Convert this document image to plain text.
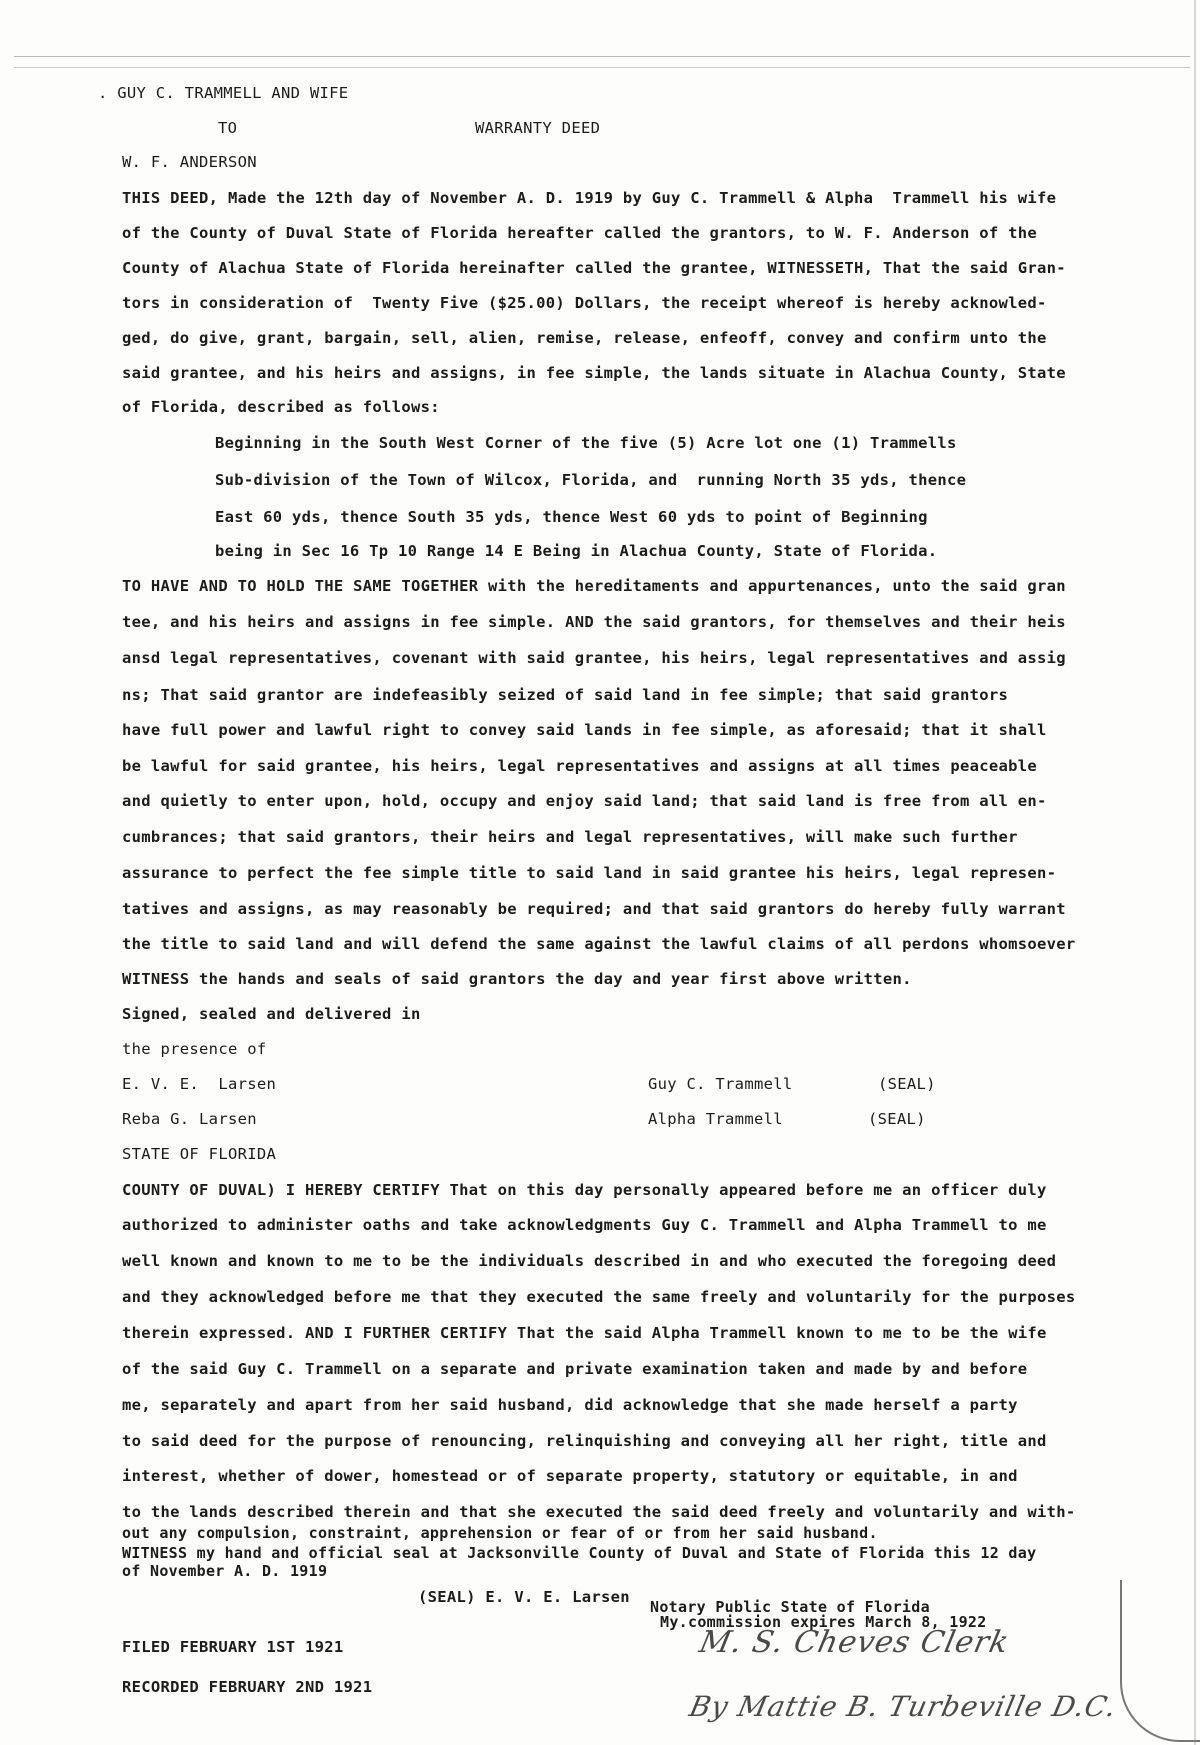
. GUY C. TRAMMELL AND WIFE
TO	WARRANTY DEED
W. F. ANDERSON
THIS DEED, Made the 12th day of November A. D. 1919 by Guy C. Trammell & Alpha  Trammell his wife
of the County of Duval State of Florida hereafter called the grantors, to W. F. Anderson of the
County of Alachua State of Florida hereinafter called the grantee, WITNESSETH, That the said Gran-
tors in consideration of  Twenty Five ($25.00) Dollars, the receipt whereof is hereby acknowled-
ged, do give, grant, bargain, sell, alien, remise, release, enfeoff, convey and confirm unto the
said grantee, and his heirs and assigns, in fee simple, the lands situate in Alachua County, State
of Florida, described as follows:
Beginning in the South West Corner of the five (5) Acre lot one (1) Trammells
Sub-division of the Town of Wilcox, Florida, and  running North 35 yds, thence
East 60 yds, thence South 35 yds, thence West 60 yds to point of Beginning
being in Sec 16 Tp 10 Range 14 E Being in Alachua County, State of Florida.
TO HAVE AND TO HOLD THE SAME TOGETHER with the hereditaments and appurtenances, unto the said gran
tee, and his heirs and assigns in fee simple. AND the said grantors, for themselves and their heis
ansd legal representatives, covenant with said grantee, his heirs, legal representatives and assig
ns; That said grantor are indefeasibly seized of said land in fee simple; that said grantors
have full power and lawful right to convey said lands in fee simple, as aforesaid; that it shall
be lawful for said grantee, his heirs, legal representatives and assigns at all times peaceable
and quietly to enter upon, hold, occupy and enjoy said land; that said land is free from all en-
cumbrances; that said grantors, their heirs and legal representatives, will make such further
assurance to perfect the fee simple title to said land in said grantee his heirs, legal represen-
tatives and assigns, as may reasonably be required; and that said grantors do hereby fully warrant
the title to said land and will defend the same against the lawful claims of all perdons whomsoever
WITNESS the hands and seals of said grantors the day and year first above written.
Signed, sealed and delivered in
the presence of
E. V. E.  Larsen
Reba G. Larsen
Guy C. Trammell
Alpha Trammell
(SEAL)
(SEAL)
STATE OF FLORIDA
COUNTY OF DUVAL) I HEREBY CERTIFY That on this day personally appeared before me an officer duly
authorized to administer oaths and take acknowledgments Guy C. Trammell and Alpha Trammell to me
well known and known to me to be the individuals described in and who executed the foregoing deed
and they acknowledged before me that they executed the same freely and voluntarily for the purposes
therein expressed. AND I FURTHER CERTIFY That the said Alpha Trammell known to me to be the wife
of the said Guy C. Trammell on a separate and private examination taken and made by and before
me, separately and apart from her said husband, did acknowledge that she made herself a party
to said deed for the purpose of renouncing, relinquishing and conveying all her right, title and
interest, whether of dower, homestead or of separate property, statutory or equitable, in and
to the lands described therein and that she executed the said deed freely and voluntarily and with-
out any compulsion, constraint, apprehension or fear of or from her said husband.
WITNESS my hand and official seal at Jacksonville County of Duval and State of Florida this 12 day
of November A. D. 1919
(SEAL) E. V. E. Larsen
Notary Public State of Florida
My.commission expires March 8, 1922
FILED FEBRUARY 1ST 1921
RECORDED FEBRUARY 2ND 1921
M. S. Cheves Clerk
By Mattie B. Turbeville D.C.
